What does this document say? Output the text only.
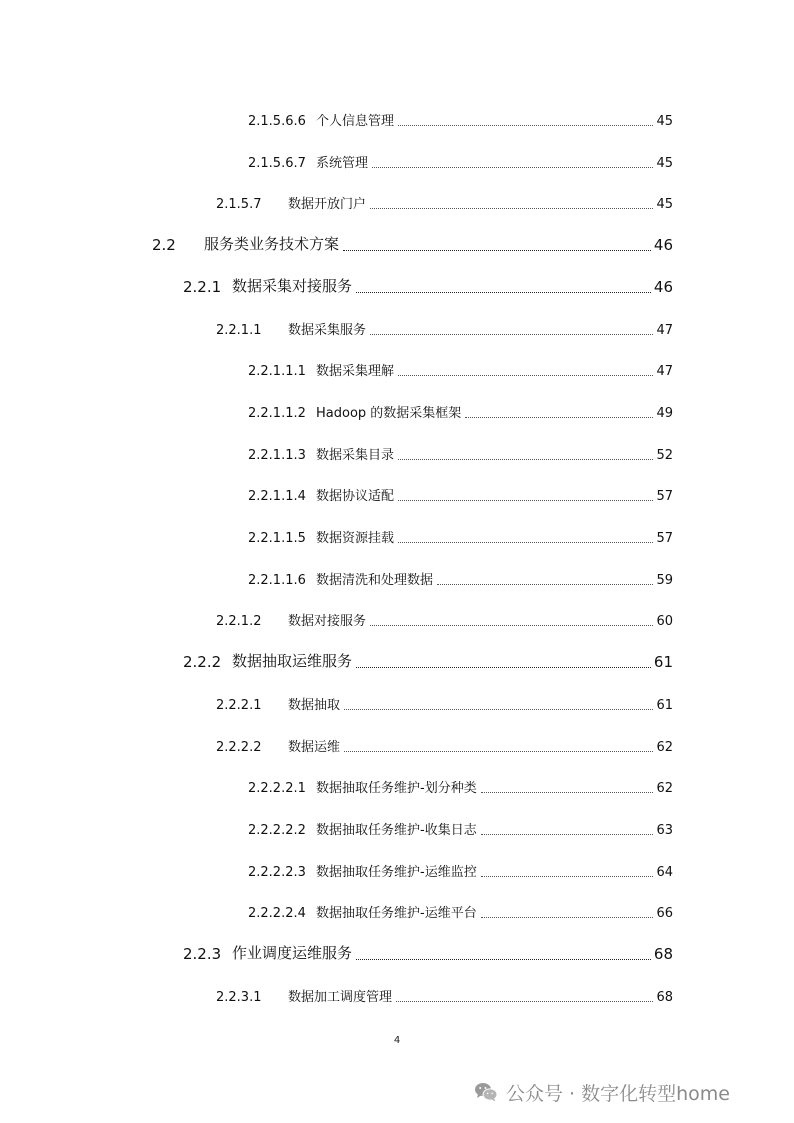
2.1.5.6.6 个人信息管理	45
2.1.5.6.7 系统管理	45
2.1.5.7 数据开放门户	45
2.2 服务类业务技术方案	46
2.2.1 数据采集对接服务	46
2.2.1.1 数据采集服务	47
2.2.1.1.1 数据采集理解	47
2.2.1.1.2 Hadoop 的数据采集框架	49
2.2.1.1.3 数据采集目录	52
2.2.1.1.4 数据协议适配	57
2.2.1.1.5 数据资源挂载	57
2.2.1.1.6 数据清洗和处理数据	59
2.2.1.2 数据对接服务	60
2.2.2 数据抽取运维服务	61
2.2.2.1 数据抽取	61
2.2.2.2 数据运维	62
2.2.2.2.1 数据抽取任务维护-划分种类	62
2.2.2.2.2 数据抽取任务维护-收集日志	63
2.2.2.2.3 数据抽取任务维护-运维监控	64
2.2.2.2.4 数据抽取任务维护-运维平台	66
2.2.3 作业调度运维服务	68
2.2.3.1 数据加工调度管理	68
4
公众号 · 数字化转型home
